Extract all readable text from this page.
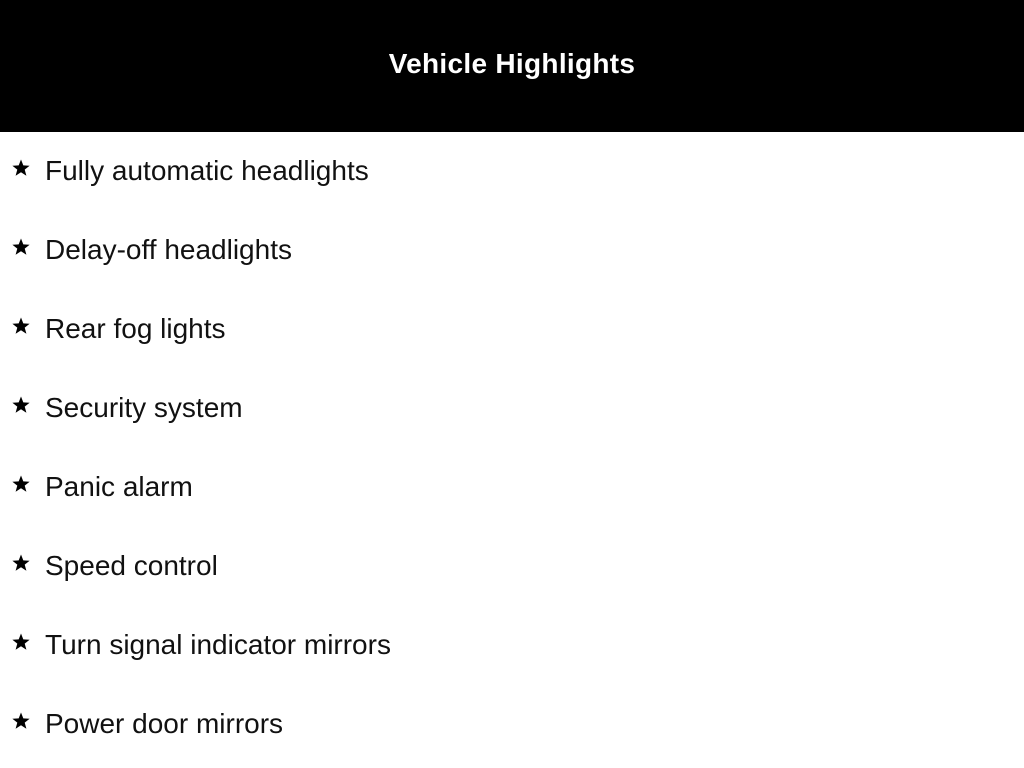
Vehicle Highlights
Fully automatic headlights
Delay-off headlights
Rear fog lights
Security system
Panic alarm
Speed control
Turn signal indicator mirrors
Power door mirrors
